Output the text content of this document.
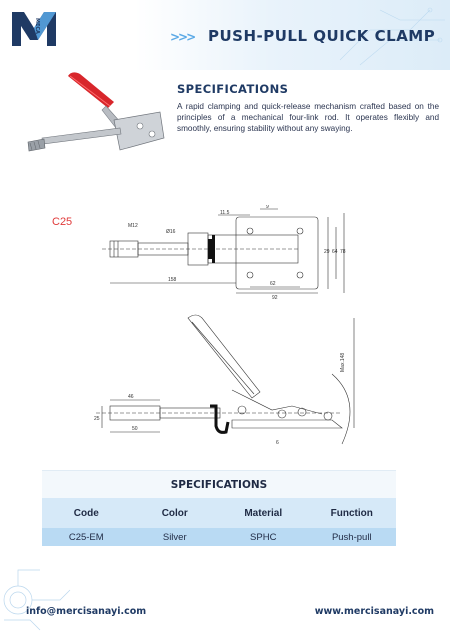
MECA
>>> PUSH-PULL QUICK CLAMP
SPECIFICATIONS

A rapid clamping and quick-release mechanism crafted based on the principles of a mechanical four-link rod. It operates flexibly and smoothly, ensuring stability without any swaying.

C25
11.5
9
M12
Ø16
158
62
92
29 64 78
46
25
50
6
Max.148
SPECIFICATIONS
Code	Color	Material	Function
C25-EM	Silver	SPHC	Push-pull
info@mercisanayi.com	www.mercisanayi.com
